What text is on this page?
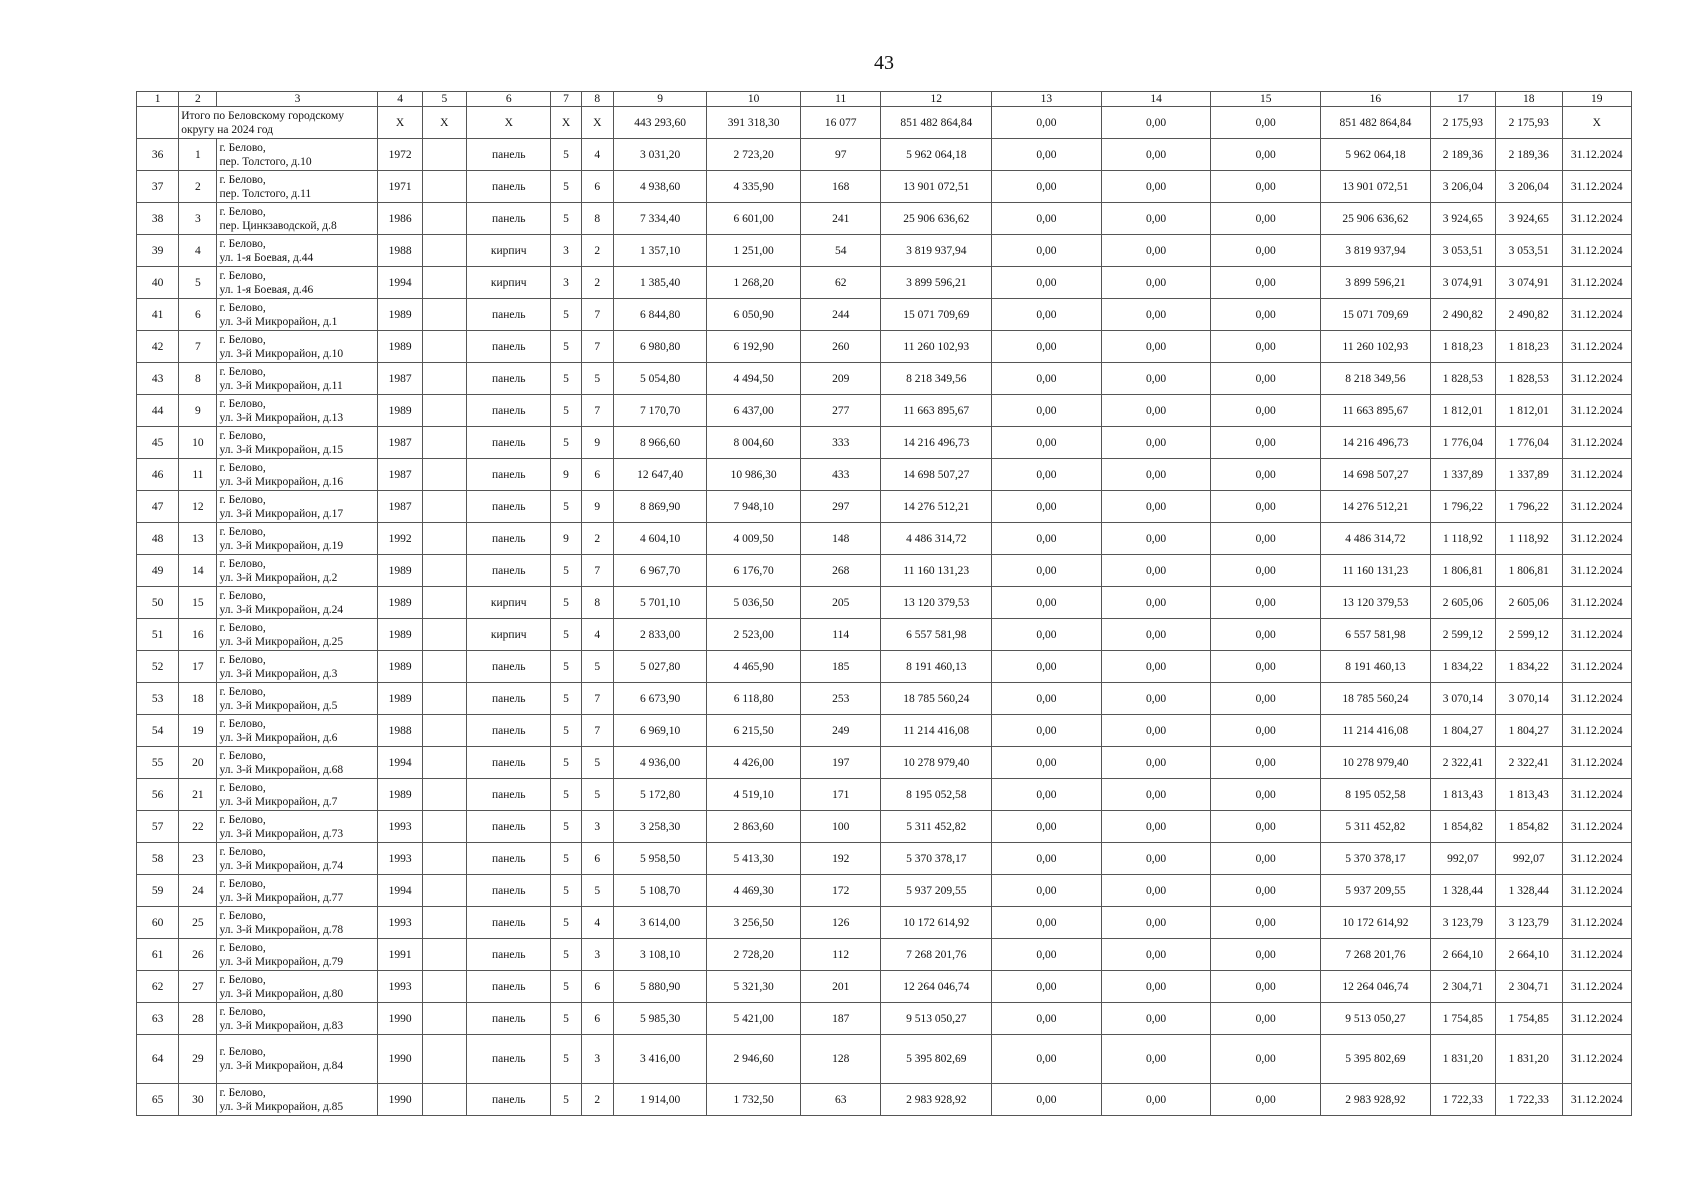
43
1	2	3	4	5	6	7	8	9	10	11	12	13	14	15	16	17	18	19
	Итого по Беловскому городскому округу на 2024 год		X	X	X	X	X	443 293,60	391 318,30	16 077	851 482 864,84	0,00	0,00	0,00	851 482 864,84	2 175,93	2 175,93	X
36	1	г. Белово,
пер. Толстого, д.10	1972		панель	5	4	3 031,20	2 723,20	97	5 962 064,18	0,00	0,00	0,00	5 962 064,18	2 189,36	2 189,36	31.12.2024
37	2	г. Белово,
пер. Толстого, д.11	1971		панель	5	6	4 938,60	4 335,90	168	13 901 072,51	0,00	0,00	0,00	13 901 072,51	3 206,04	3 206,04	31.12.2024
38	3	г. Белово,
пер. Цинкзаводской, д.8	1986		панель	5	8	7 334,40	6 601,00	241	25 906 636,62	0,00	0,00	0,00	25 906 636,62	3 924,65	3 924,65	31.12.2024
39	4	г. Белово,
ул. 1-я Боевая, д.44	1988		кирпич	3	2	1 357,10	1 251,00	54	3 819 937,94	0,00	0,00	0,00	3 819 937,94	3 053,51	3 053,51	31.12.2024
40	5	г. Белово,
ул. 1-я Боевая, д.46	1994		кирпич	3	2	1 385,40	1 268,20	62	3 899 596,21	0,00	0,00	0,00	3 899 596,21	3 074,91	3 074,91	31.12.2024
41	6	г. Белово,
ул. 3-й Микрорайон, д.1	1989		панель	5	7	6 844,80	6 050,90	244	15 071 709,69	0,00	0,00	0,00	15 071 709,69	2 490,82	2 490,82	31.12.2024
42	7	г. Белово,
ул. 3-й Микрорайон, д.10	1989		панель	5	7	6 980,80	6 192,90	260	11 260 102,93	0,00	0,00	0,00	11 260 102,93	1 818,23	1 818,23	31.12.2024
43	8	г. Белово,
ул. 3-й Микрорайон, д.11	1987		панель	5	5	5 054,80	4 494,50	209	8 218 349,56	0,00	0,00	0,00	8 218 349,56	1 828,53	1 828,53	31.12.2024
44	9	г. Белово,
ул. 3-й Микрорайон, д.13	1989		панель	5	7	7 170,70	6 437,00	277	11 663 895,67	0,00	0,00	0,00	11 663 895,67	1 812,01	1 812,01	31.12.2024
45	10	г. Белово,
ул. 3-й Микрорайон, д.15	1987		панель	5	9	8 966,60	8 004,60	333	14 216 496,73	0,00	0,00	0,00	14 216 496,73	1 776,04	1 776,04	31.12.2024
46	11	г. Белово,
ул. 3-й Микрорайон, д.16	1987		панель	9	6	12 647,40	10 986,30	433	14 698 507,27	0,00	0,00	0,00	14 698 507,27	1 337,89	1 337,89	31.12.2024
47	12	г. Белово,
ул. 3-й Микрорайон, д.17	1987		панель	5	9	8 869,90	7 948,10	297	14 276 512,21	0,00	0,00	0,00	14 276 512,21	1 796,22	1 796,22	31.12.2024
48	13	г. Белово,
ул. 3-й Микрорайон, д.19	1992		панель	9	2	4 604,10	4 009,50	148	4 486 314,72	0,00	0,00	0,00	4 486 314,72	1 118,92	1 118,92	31.12.2024
49	14	г. Белово,
ул. 3-й Микрорайон, д.2	1989		панель	5	7	6 967,70	6 176,70	268	11 160 131,23	0,00	0,00	0,00	11 160 131,23	1 806,81	1 806,81	31.12.2024
50	15	г. Белово,
ул. 3-й Микрорайон, д.24	1989		кирпич	5	8	5 701,10	5 036,50	205	13 120 379,53	0,00	0,00	0,00	13 120 379,53	2 605,06	2 605,06	31.12.2024
51	16	г. Белово,
ул. 3-й Микрорайон, д.25	1989		кирпич	5	4	2 833,00	2 523,00	114	6 557 581,98	0,00	0,00	0,00	6 557 581,98	2 599,12	2 599,12	31.12.2024
52	17	г. Белово,
ул. 3-й Микрорайон, д.3	1989		панель	5	5	5 027,80	4 465,90	185	8 191 460,13	0,00	0,00	0,00	8 191 460,13	1 834,22	1 834,22	31.12.2024
53	18	г. Белово,
ул. 3-й Микрорайон, д.5	1989		панель	5	7	6 673,90	6 118,80	253	18 785 560,24	0,00	0,00	0,00	18 785 560,24	3 070,14	3 070,14	31.12.2024
54	19	г. Белово,
ул. 3-й Микрорайон, д.6	1988		панель	5	7	6 969,10	6 215,50	249	11 214 416,08	0,00	0,00	0,00	11 214 416,08	1 804,27	1 804,27	31.12.2024
55	20	г. Белово,
ул. 3-й Микрорайон, д.68	1994		панель	5	5	4 936,00	4 426,00	197	10 278 979,40	0,00	0,00	0,00	10 278 979,40	2 322,41	2 322,41	31.12.2024
56	21	г. Белово,
ул. 3-й Микрорайон, д.7	1989		панель	5	5	5 172,80	4 519,10	171	8 195 052,58	0,00	0,00	0,00	8 195 052,58	1 813,43	1 813,43	31.12.2024
57	22	г. Белово,
ул. 3-й Микрорайон, д.73	1993		панель	5	3	3 258,30	2 863,60	100	5 311 452,82	0,00	0,00	0,00	5 311 452,82	1 854,82	1 854,82	31.12.2024
58	23	г. Белово,
ул. 3-й Микрорайон, д.74	1993		панель	5	6	5 958,50	5 413,30	192	5 370 378,17	0,00	0,00	0,00	5 370 378,17	992,07	992,07	31.12.2024
59	24	г. Белово,
ул. 3-й Микрорайон, д.77	1994		панель	5	5	5 108,70	4 469,30	172	5 937 209,55	0,00	0,00	0,00	5 937 209,55	1 328,44	1 328,44	31.12.2024
60	25	г. Белово,
ул. 3-й Микрорайон, д.78	1993		панель	5	4	3 614,00	3 256,50	126	10 172 614,92	0,00	0,00	0,00	10 172 614,92	3 123,79	3 123,79	31.12.2024
61	26	г. Белово,
ул. 3-й Микрорайон, д.79	1991		панель	5	3	3 108,10	2 728,20	112	7 268 201,76	0,00	0,00	0,00	7 268 201,76	2 664,10	2 664,10	31.12.2024
62	27	г. Белово,
ул. 3-й Микрорайон, д.80	1993		панель	5	6	5 880,90	5 321,30	201	12 264 046,74	0,00	0,00	0,00	12 264 046,74	2 304,71	2 304,71	31.12.2024
63	28	г. Белово,
ул. 3-й Микрорайон, д.83	1990		панель	5	6	5 985,30	5 421,00	187	9 513 050,27	0,00	0,00	0,00	9 513 050,27	1 754,85	1 754,85	31.12.2024
64	29	г. Белово,
ул. 3-й Микрорайон, д.84	1990		панель	5	3	3 416,00	2 946,60	128	5 395 802,69	0,00	0,00	0,00	5 395 802,69	1 831,20	1 831,20	31.12.2024
65	30	г. Белово,
ул. 3-й Микрорайон, д.85	1990		панель	5	2	1 914,00	1 732,50	63	2 983 928,92	0,00	0,00	0,00	2 983 928,92	1 722,33	1 722,33	31.12.2024
